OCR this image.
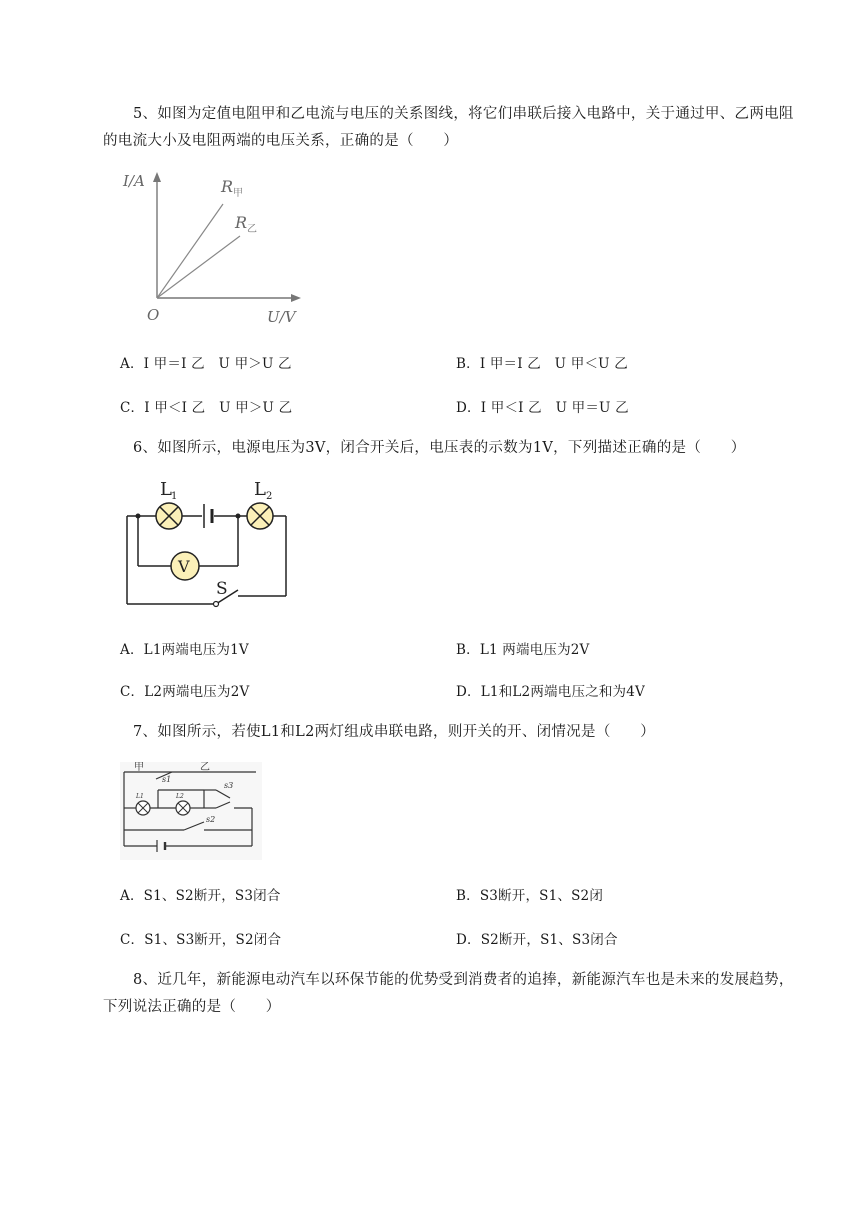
5、如图为定值电阻甲和乙电流与电压的关系图线，将它们串联后接入电路中，关于通过甲、乙两电阻的电流大小及电阻两端的电压关系，正确的是（　　）
I/A
U/V
O
R 甲
R 乙
A．I 甲＝I 乙　U 甲＞U 乙	B．I 甲＝I 乙　U 甲＜U 乙
C．I 甲＜I 乙　U 甲＞U 乙	D．I 甲＜I 乙　U 甲＝U 乙
6、如图所示，电源电压为3V，闭合开关后，电压表的示数为1V，下列描述正确的是（　　）
V
L 1	L 2
S
A．L1两端电压为1V	B．L1 两端电压为2V
C．L2两端电压为2V	D．L1和L2两端电压之和为4V
7、如图所示，若使L1和L2两灯组成串联电路，则开关的开、闭情况是（　　）
甲	乙
s1
s3
s2
L1	L2
A．S1、S2断开，S3闭合	B．S3断开，S1、S2闭
C．S1、S3断开，S2闭合	D．S2断开，S1、S3闭合
8、近几年，新能源电动汽车以环保节能的优势受到消费者的追捧，新能源汽车也是未来的发展趋势，下列说法正确的是（　　）
